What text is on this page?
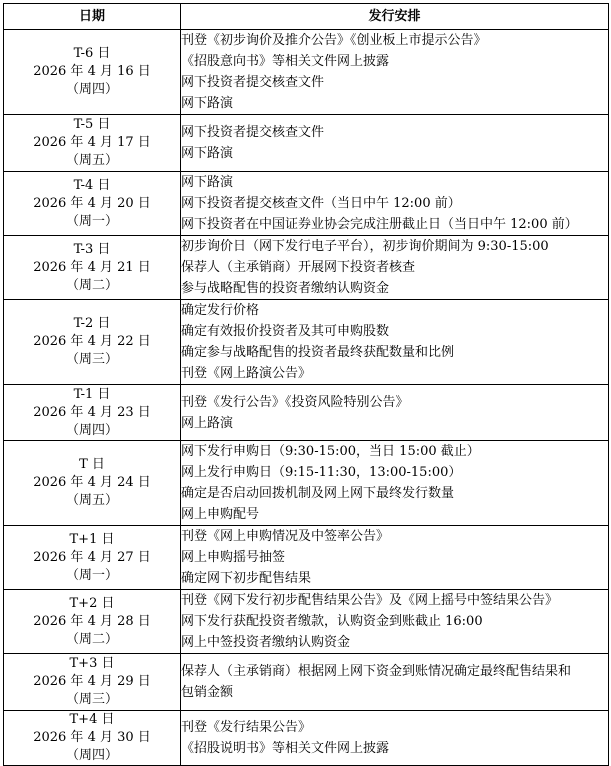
日期	发行安排

T-6 日
2026 年 4 月 16 日
（周四）	刊登《初步询价及推介公告》《创业板上市提示公告》
《招股意向书》等相关文件网上披露
网下投资者提交核查文件
网下路演

T-5 日
2026 年 4 月 17 日
（周五）	网下投资者提交核查文件
网下路演

T-4 日
2026 年 4 月 20 日
（周一）	网下路演
网下投资者提交核查文件（当日中午 12:00 前）
网下投资者在中国证券业协会完成注册截止日（当日中午 12:00 前）

T-3 日
2026 年 4 月 21 日
（周二）	初步询价日（网下发行电子平台），初步询价期间为 9:30-15:00
保荐人（主承销商）开展网下投资者核查
参与战略配售的投资者缴纳认购资金

T-2 日
2026 年 4 月 22 日
（周三）	确定发行价格
确定有效报价投资者及其可申购股数
确定参与战略配售的投资者最终获配数量和比例
刊登《网上路演公告》

T-1 日
2026 年 4 月 23 日
（周四）	刊登《发行公告》《投资风险特别公告》
网上路演

T 日
2026 年 4 月 24 日
（周五）	网下发行申购日（9:30-15:00，当日 15:00 截止）
网上发行申购日（9:15-11:30，13:00-15:00）
确定是否启动回拨机制及网上网下最终发行数量
网上申购配号

T+1 日
2026 年 4 月 27 日
（周一）	刊登《网上申购情况及中签率公告》
网上申购摇号抽签
确定网下初步配售结果

T+2 日
2026 年 4 月 28 日
（周二）	刊登《网下发行初步配售结果公告》及《网上摇号中签结果公告》
网下发行获配投资者缴款，认购资金到账截止 16:00
网上中签投资者缴纳认购资金

T+3 日
2026 年 4 月 29 日
（周三）	保荐人（主承销商）根据网上网下资金到账情况确定最终配售结果和
包销金额

T+4 日
2026 年 4 月 30 日
（周四）	刊登《发行结果公告》
《招股说明书》等相关文件网上披露
